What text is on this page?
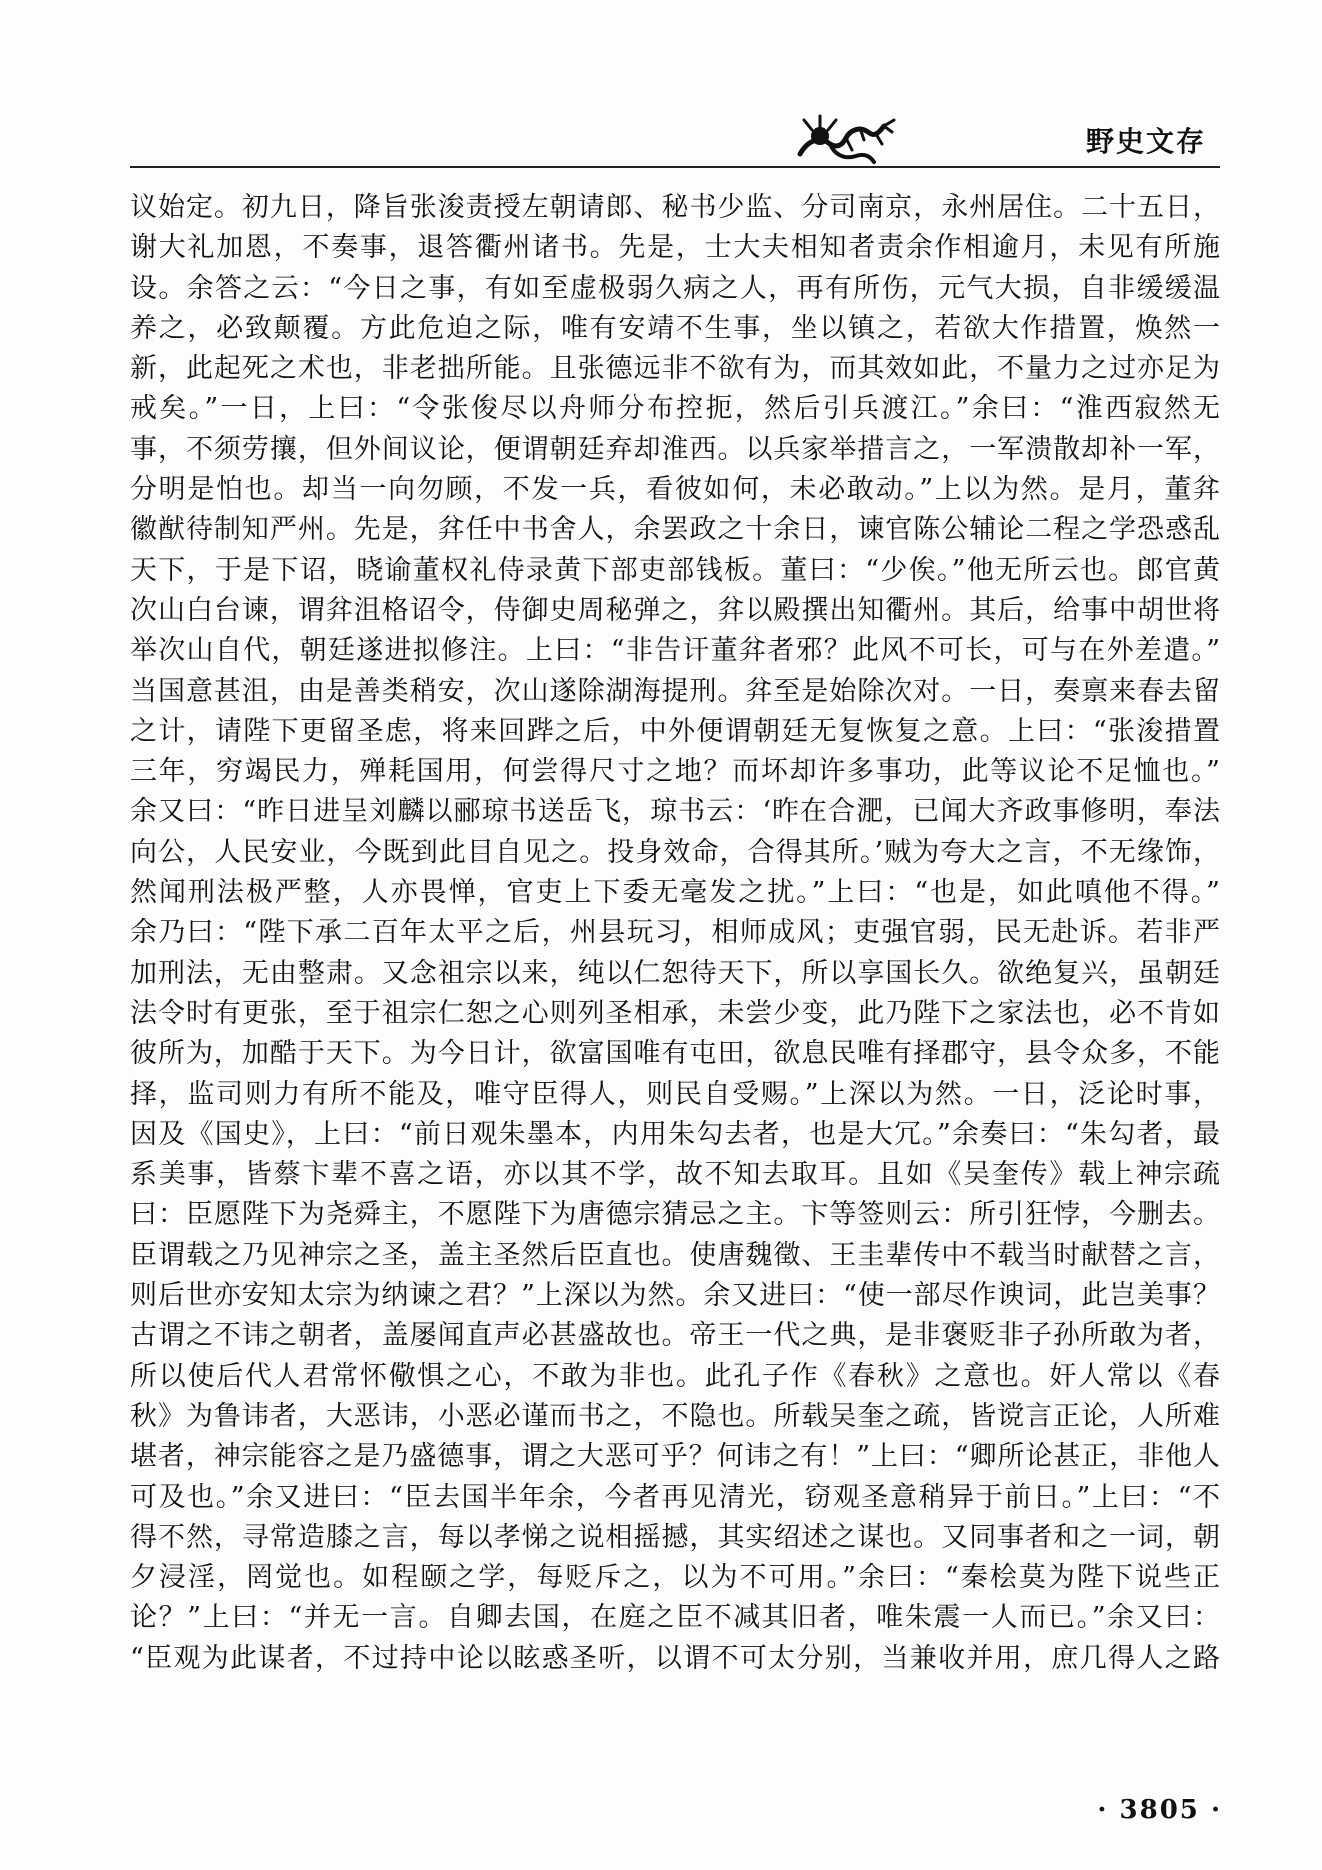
野史文存
议始定。初九日，降旨张浚责授左朝请郎、秘书少监、分司南京，永州居住。二十五日，
谢大礼加恩，不奏事，退答衢州诸书。先是，士大夫相知者责余作相逾月，未见有所施
设。余答之云：“今日之事，有如至虚极弱久病之人，再有所伤，元气大损，自非缓缓温
养之，必致颠覆。方此危迫之际，唯有安靖不生事，坐以镇之，若欲大作措置，焕然一
新，此起死之术也，非老拙所能。且张德远非不欲有为，而其效如此，不量力之过亦足为
戒矣。”一日，上曰：“令张俊尽以舟师分布控扼，然后引兵渡江。”余曰：“淮西寂然无
事，不须劳攘，但外间议论，便谓朝廷弃却淮西。以兵家举措言之，一军溃散却补一军，
分明是怕也。却当一向勿顾，不发一兵，看彼如何，未必敢动。”上以为然。是月，董弅
徽猷待制知严州。先是，弅任中书舍人，余罢政之十余日，谏官陈公辅论二程之学恐惑乱
天下，于是下诏，晓谕董权礼侍录黄下部吏部钱板。董曰：“少俟。”他无所云也。郎官黄
次山白台谏，谓弅沮格诏令，侍御史周秘弹之，弅以殿撰出知衢州。其后，给事中胡世将
举次山自代，朝廷遂进拟修注。上曰：“非告讦董弅者邪？此风不可长，可与在外差遣。”
当国意甚沮，由是善类稍安，次山遂除湖海提刑。弅至是始除次对。一日，奏禀来春去留
之计，请陛下更留圣虑，将来回跸之后，中外便谓朝廷无复恢复之意。上曰：“张浚措置
三年，穷竭民力，殚耗国用，何尝得尺寸之地？而坏却许多事功，此等议论不足恤也。”
余又曰：“昨日进呈刘麟以郦琼书送岳飞，琼书云：‘昨在合淝，已闻大齐政事修明，奉法
向公，人民安业，今既到此目自见之。投身效命，合得其所。’贼为夸大之言，不无缘饰，
然闻刑法极严整，人亦畏惮，官吏上下委无毫发之扰。”上曰：“也是，如此嗔他不得。”
余乃曰：“陛下承二百年太平之后，州县玩习，相师成风；吏强官弱，民无赴诉。若非严
加刑法，无由整肃。又念祖宗以来，纯以仁恕待天下，所以享国长久。欲绝复兴，虽朝廷
法令时有更张，至于祖宗仁恕之心则列圣相承，未尝少变，此乃陛下之家法也，必不肯如
彼所为，加酷于天下。为今日计，欲富国唯有屯田，欲息民唯有择郡守，县令众多，不能
择，监司则力有所不能及，唯守臣得人，则民自受赐。”上深以为然。一日，泛论时事，
因及《国史》，上曰：“前日观朱墨本，内用朱勾去者，也是大冗。”余奏曰：“朱勾者，最
系美事，皆蔡卞辈不喜之语，亦以其不学，故不知去取耳。且如《吴奎传》载上神宗疏
曰：臣愿陛下为尧舜主，不愿陛下为唐德宗猜忌之主。卞等签则云：所引狂悖，今删去。
臣谓载之乃见神宗之圣，盖主圣然后臣直也。使唐魏徵、王圭辈传中不载当时献替之言，
则后世亦安知太宗为纳谏之君？”上深以为然。余又进曰：“使一部尽作谀词，此岂美事？
古谓之不讳之朝者，盖屡闻直声必甚盛故也。帝王一代之典，是非褒贬非子孙所敢为者，
所以使后代人君常怀儆惧之心，不敢为非也。此孔子作《春秋》之意也。奸人常以《春
秋》为鲁讳者，大恶讳，小恶必谨而书之，不隐也。所载吴奎之疏，皆谠言正论，人所难
堪者，神宗能容之是乃盛德事，谓之大恶可乎？何讳之有！”上曰：“卿所论甚正，非他人
可及也。”余又进曰：“臣去国半年余，今者再见清光，窃观圣意稍异于前日。”上曰：“不
得不然，寻常造膝之言，每以孝悌之说相摇撼，其实绍述之谋也。又同事者和之一词，朝
夕浸淫，罔觉也。如程颐之学，每贬斥之，以为不可用。”余曰：“秦桧莫为陛下说些正
论？”上曰：“并无一言。自卿去国，在庭之臣不减其旧者，唯朱震一人而已。”余又曰：
“臣观为此谋者，不过持中论以眩惑圣听，以谓不可太分别，当兼收并用，庶几得人之路
· 3805 ·
